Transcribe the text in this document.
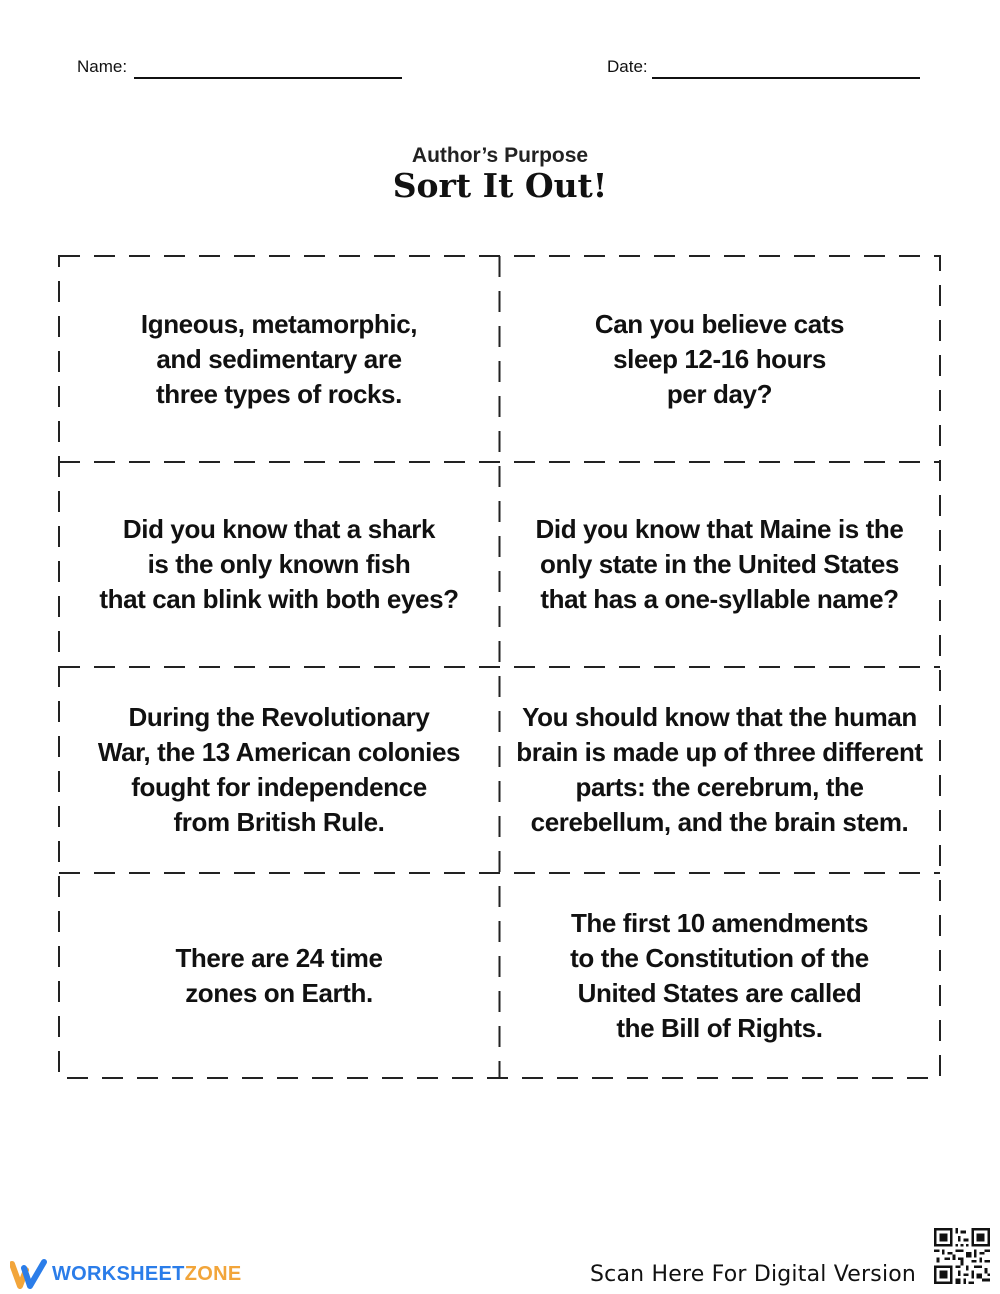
Name:	Date:
Author’s Purpose
Sort It Out!
Igneous, metamorphic,
and sedimentary are
three types of rocks.
Can you believe cats
sleep 12-16 hours
per day?
Did you know that a shark
is the only known fish
that can blink with both eyes?
Did you know that Maine is the
only state in the United States
that has a one-syllable name?
During the Revolutionary
War, the 13 American colonies
fought for independence
from British Rule.
You should know that the human
brain is made up of three different
parts: the cerebrum, the
cerebellum, and the brain stem.
There are 24 time
zones on Earth.
The first 10 amendments
to the Constitution of the
United States are called
the Bill of Rights.
WORKSHEET ZONE	Scan Here For Digital Version
